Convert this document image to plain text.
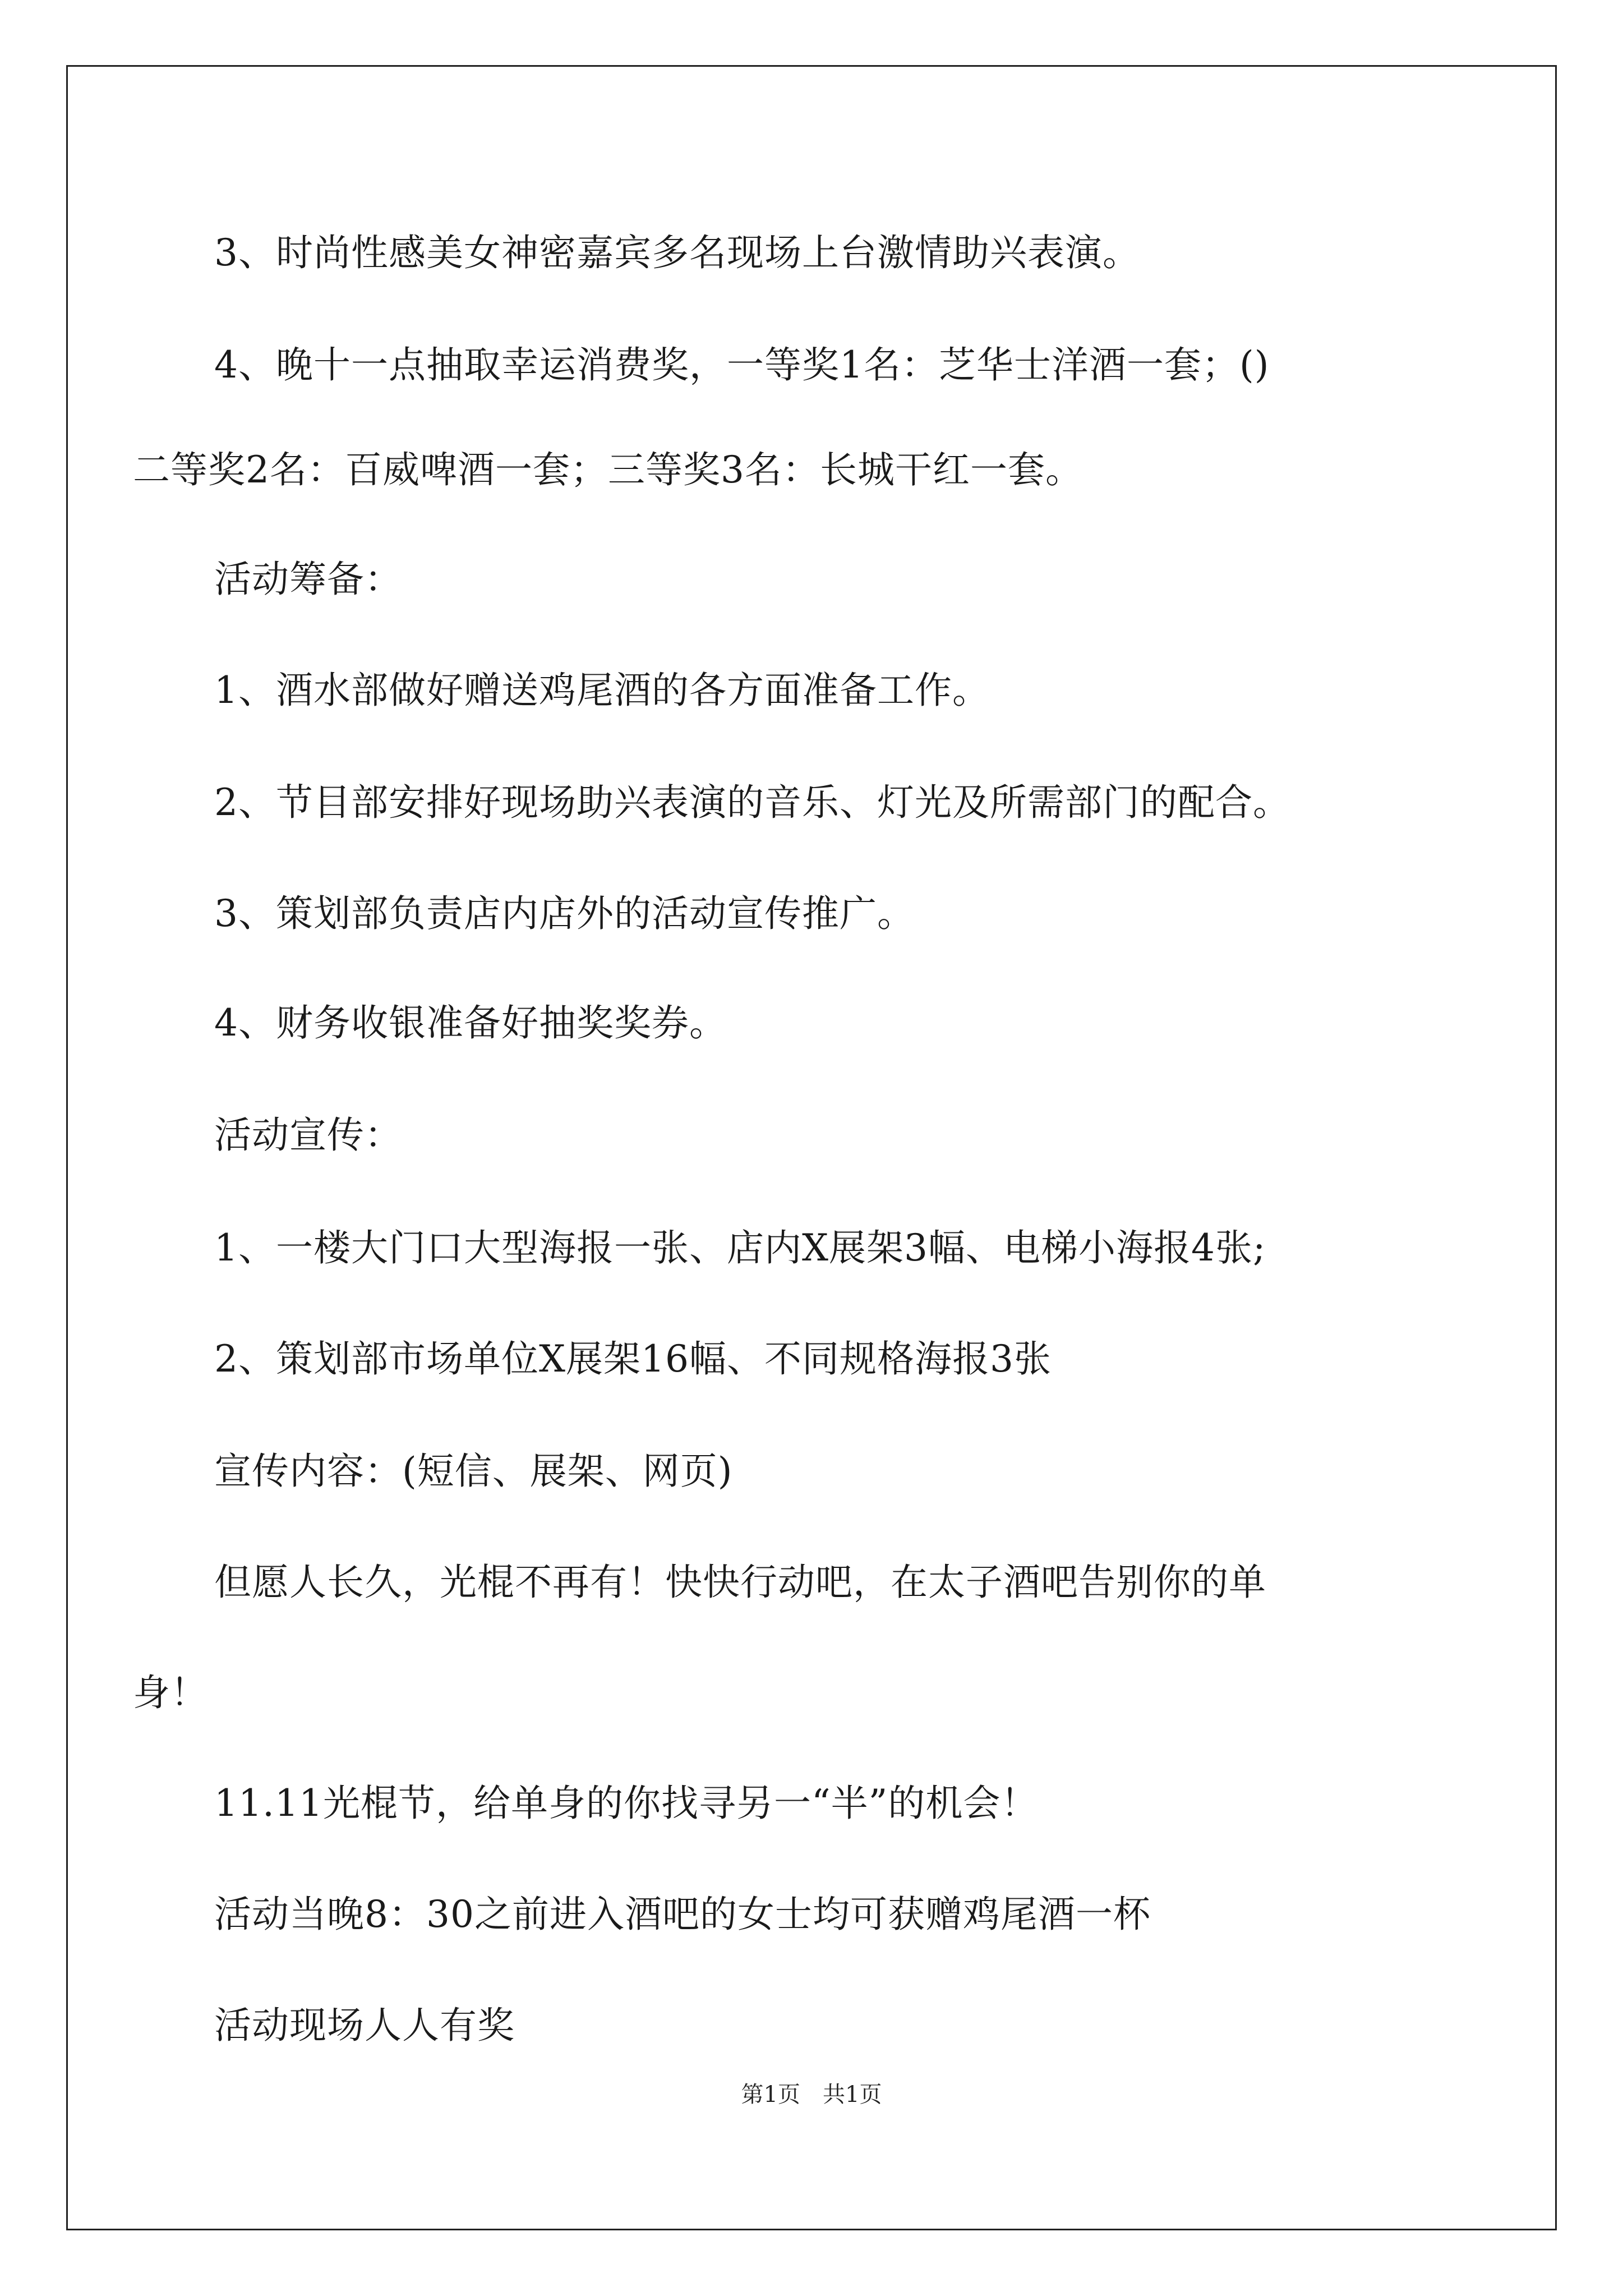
3、时尚性感美女神密嘉宾多名现场上台激情助兴表演。
4、晚十一点抽取幸运消费奖，一等奖1名：芝华士洋酒一套；()
二等奖2名：百威啤酒一套；三等奖3名：长城干红一套。
活动筹备：
1、酒水部做好赠送鸡尾酒的各方面准备工作。
2、节目部安排好现场助兴表演的音乐、灯光及所需部门的配合。
3、策划部负责店内店外的活动宣传推广。
4、财务收银准备好抽奖奖券。
活动宣传：
1、一楼大门口大型海报一张、店内X展架3幅、电梯小海报4张;
2、策划部市场单位X展架16幅、不同规格海报3张
宣传内容：(短信、展架、网页)
但愿人长久，光棍不再有！快快行动吧，在太子酒吧告别你的单
身！
11.11光棍节，给单身的你找寻另一“半”的机会！
活动当晚8：30之前进入酒吧的女士均可获赠鸡尾酒一杯
活动现场人人有奖
第1页　共1页
